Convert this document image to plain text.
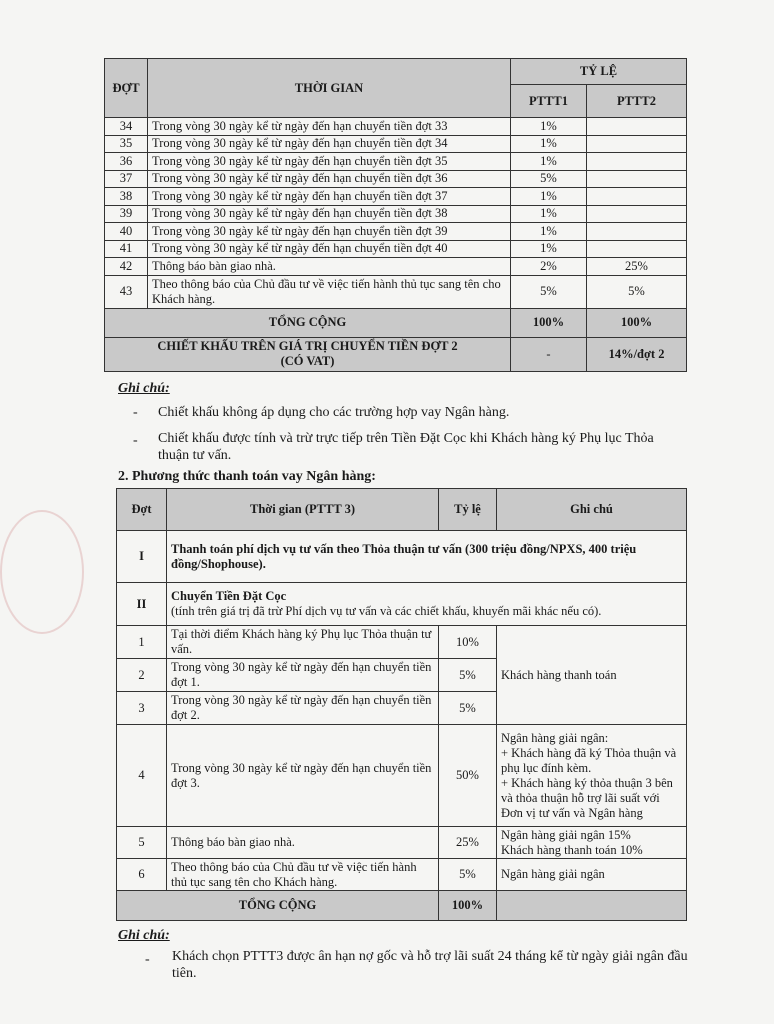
ĐỢT	THỜI GIAN	TỶ LỆ	
		PTTT1	PTTT2
34	Trong vòng 30 ngày kể từ ngày đến hạn chuyển tiền đợt 33	1%	
35	Trong vòng 30 ngày kể từ ngày đến hạn chuyển tiền đợt 34	1%	
36	Trong vòng 30 ngày kể từ ngày đến hạn chuyển tiền đợt 35	1%	
37	Trong vòng 30 ngày kể từ ngày đến hạn chuyển tiền đợt 36	5%	
38	Trong vòng 30 ngày kể từ ngày đến hạn chuyển tiền đợt 37	1%	
39	Trong vòng 30 ngày kể từ ngày đến hạn chuyển tiền đợt 38	1%	
40	Trong vòng 30 ngày kể từ ngày đến hạn chuyển tiền đợt 39	1%	
41	Trong vòng 30 ngày kể từ ngày đến hạn chuyển tiền đợt 40	1%	
42	Thông báo bàn giao nhà.	2%	25%
43	Theo thông báo của Chủ đầu tư về việc tiến hành thủ tục sang tên cho Khách hàng.	5%	5%
TỔNG CỘNG		100%	100%
CHIẾT KHẤU TRÊN GIÁ TRỊ CHUYỂN TIỀN ĐỢT 2 (CÓ VAT)		-	14%/đợt 2
Ghi chú:
- Chiết khấu không áp dụng cho các trường hợp vay Ngân hàng.
- Chiết khấu được tính và trừ trực tiếp trên Tiền Đặt Cọc khi Khách hàng ký Phụ lục Thỏa thuận tư vấn.
2. Phương thức thanh toán vay Ngân hàng:
Đợt	Thời gian (PTTT 3)	Tỷ lệ	Ghi chú
I	Thanh toán phí dịch vụ tư vấn theo Thỏa thuận tư vấn (300 triệu đồng/NPXS, 400 triệu đồng/Shophouse).		
II	Chuyển Tiền Đặt Cọc
(tính trên giá trị đã trừ Phí dịch vụ tư vấn và các chiết khấu, khuyến mãi khác nếu có).		

1	Tại thời điểm Khách hàng ký Phụ lục Thỏa thuận tư vấn.	10%	Khách hàng thanh toán
2	Trong vòng 30 ngày kể từ ngày đến hạn chuyển tiền đợt 1.	5%	
3	Trong vòng 30 ngày kể từ ngày đến hạn chuyển tiền đợt 2.	5%	
4	Trong vòng 30 ngày kể từ ngày đến hạn chuyển tiền đợt 3.	50%	Ngân hàng giải ngân:
+ Khách hàng đã ký Thỏa thuận và phụ lục đính kèm.
+ Khách hàng ký thỏa thuận 3 bên và thỏa thuận hỗ trợ lãi suất với Đơn vị tư vấn và Ngân hàng
5	Thông báo bàn giao nhà.	25%	Ngân hàng giải ngân 15%
Khách hàng thanh toán 10%
6	Theo thông báo của Chủ đầu tư về việc tiến hành thủ tục sang tên cho Khách hàng.	5%	Ngân hàng giải ngân
TỔNG CỘNG		100%	
Ghi chú:
- Khách chọn PTTT3 được ân hạn nợ gốc và hỗ trợ lãi suất 24 tháng kể từ ngày giải ngân đầu tiên.
